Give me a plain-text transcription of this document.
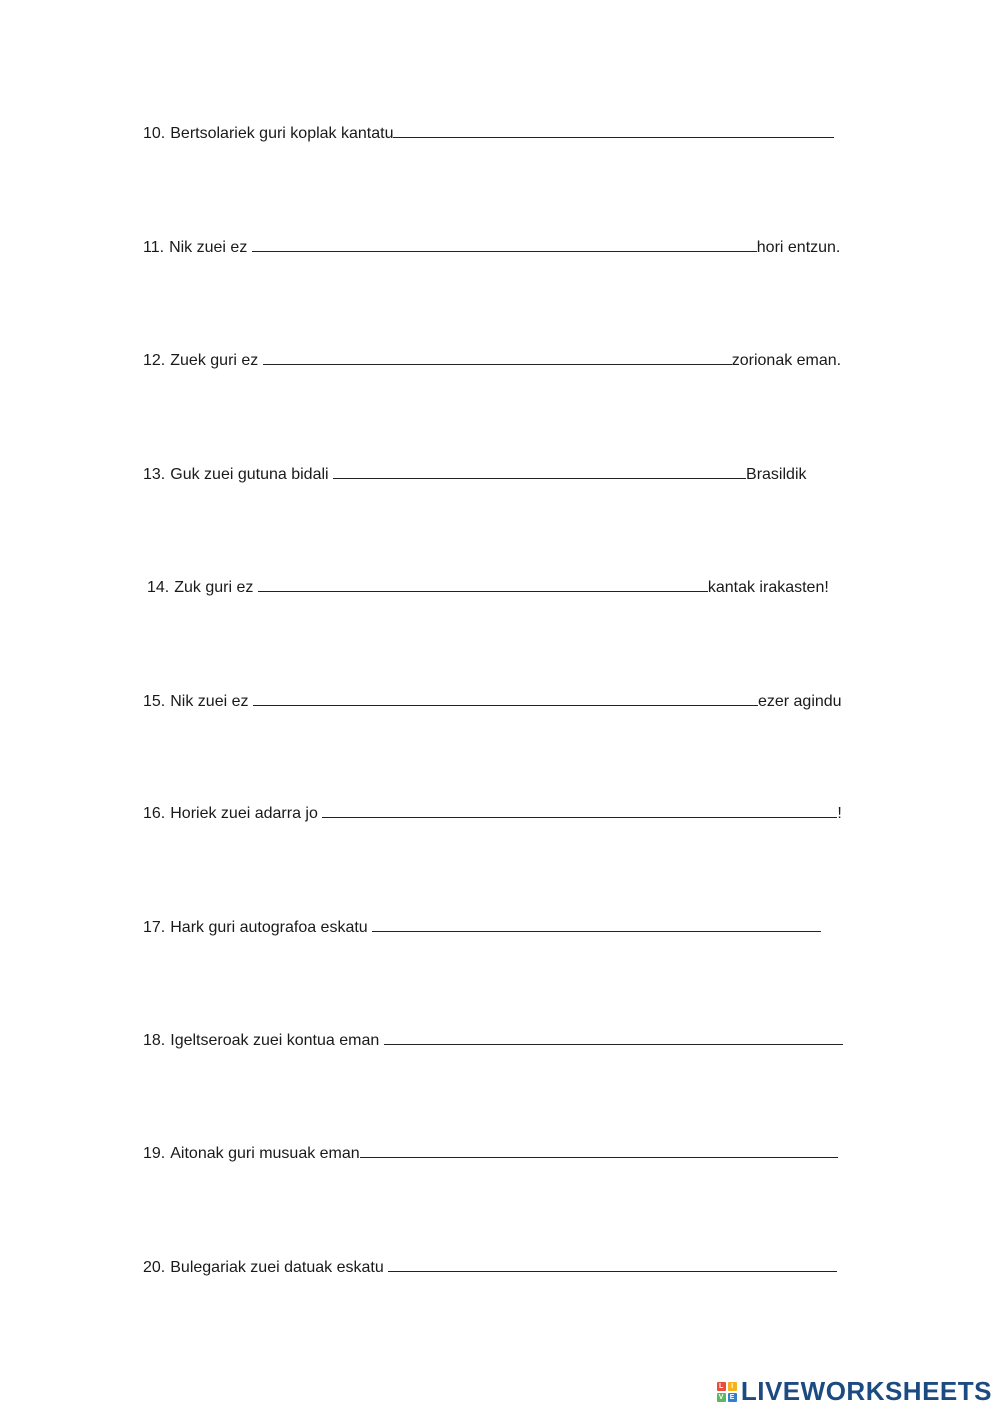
10. Bertsolariek guri koplak kantatu
11. Nik zuei ez	hori entzun.
12. Zuek guri ez	zorionak eman.
13. Guk zuei gutuna bidali	Brasildik
14. Zuk guri ez	kantak irakasten!
15. Nik zuei ez	ezer agindu
16. Horiek zuei adarra jo	!
17. Hark guri autografoa eskatu
18. Igeltseroak zuei kontua eman
19. Aitonak guri musuak eman
20. Bulegariak zuei datuak eskatu
L	I
V E LIVEWORKSHEETS
